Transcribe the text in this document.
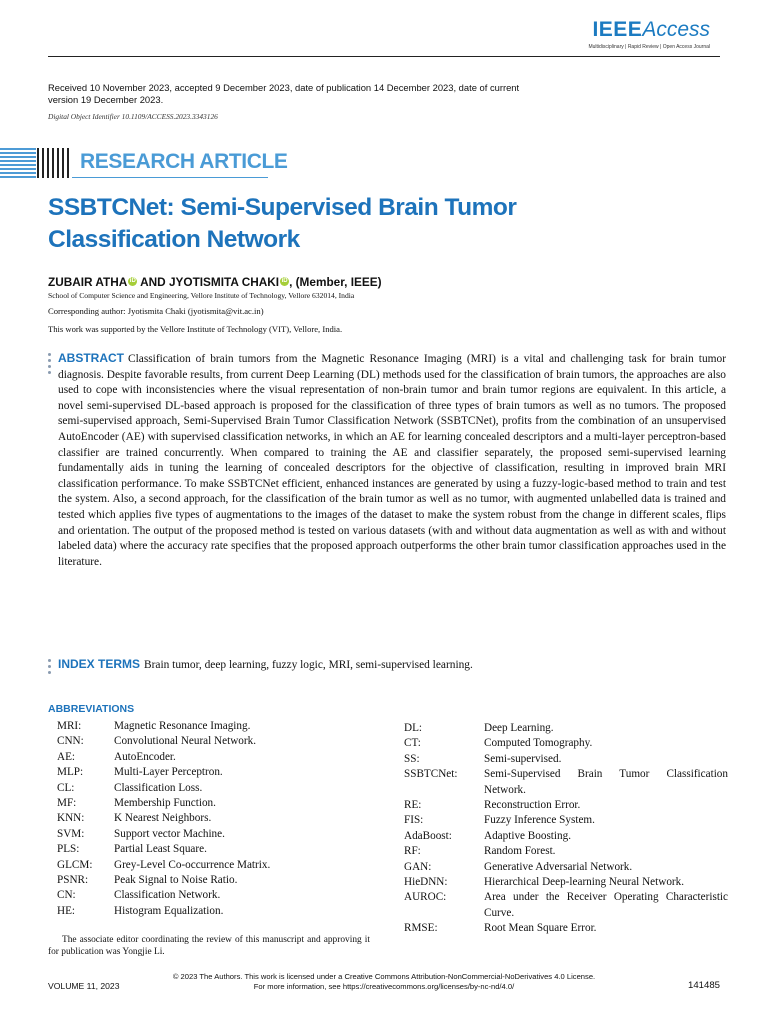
IEEEAccess
Multidisciplinary | Rapid Review | Open Access Journal
Received 10 November 2023, accepted 9 December 2023, date of publication 14 December 2023, date of current version 19 December 2023.
Digital Object Identifier 10.1109/ACCESS.2023.3343126
RESEARCH ARTICLE
SSBTCNet: Semi-Supervised Brain Tumor Classification Network
ZUBAIR ATHA iD AND JYOTISMITA CHAKI iD , (Member, IEEE)
School of Computer Science and Engineering, Vellore Institute of Technology, Vellore 632014, India
Corresponding author: Jyotismita Chaki (jyotismita@vit.ac.in)
This work was supported by the Vellore Institute of Technology (VIT), Vellore, India.

ABSTRACT Classification of brain tumors from the Magnetic Resonance Imaging (MRI) is a vital and challenging task for brain tumor diagnosis. Despite favorable results, from current Deep Learning (DL) methods used for the classification of brain tumors, the approaches are also used to cope with inconsistencies where the visual representation of non-brain tumor and brain tumor regions are equivalent. In this article, a novel semi-supervised DL-based approach is proposed for the classification of three types of brain tumors as well as no tumors. The proposed semi-supervised approach, Semi-Supervised Brain Tumor Classification Network (SSBTCNet), profits from the combination of an unsupervised AutoEncoder (AE) with supervised classification networks, in which an AE for learning concealed descriptors and a multi-layer perceptron-based classifier are trained concurrently. When compared to training the AE and classifier separately, the proposed semi-supervised learning fundamentally aids in tuning the learning of concealed descriptors for the objective of classification, resulting in improved brain MRI classification performance. To make SSBTCNet efficient, enhanced instances are generated by using a fuzzy-logic-based method to train and test the system. Also, a second approach, for the classification of the brain tumor as well as no tumor, with augmented unlabelled data is trained and tested which applies five types of augmentations to the images of the dataset to make the system robust from the change in different scales, flips and orientation. The output of the proposed method is tested on various datasets (with and without data augmentation as well as with and without labeled data) where the accuracy rate specifies that the proposed approach outperforms the other brain tumor classification approaches used in the literature.

INDEX TERMS Brain tumor, deep learning, fuzzy logic, MRI, semi-supervised learning.

ABBREVIATIONS
MRI:	Magnetic Resonance Imaging.
CNN:	Convolutional Neural Network.
AE:	AutoEncoder.
MLP:	Multi-Layer Perceptron.
CL:	Classification Loss.
MF:	Membership Function.
KNN:	K Nearest Neighbors.
SVM:	Support vector Machine.
PLS:	Partial Least Square.
GLCM:	Grey-Level Co-occurrence Matrix.
PSNR:	Peak Signal to Noise Ratio.
CN:	Classification Network.
HE:	Histogram Equalization.
DL:	Deep Learning.
CT:	Computed Tomography.
SS:	Semi-supervised.
SSBTCNet:	Semi-Supervised Brain Tumor Classification Network.
RE:	Reconstruction Error.
FIS:	Fuzzy Inference System.
AdaBoost:	Adaptive Boosting.
RF:	Random Forest.
GAN:	Generative Adversarial Network.
HieDNN:	Hierarchical Deep-learning Neural Network.
AUROC:	Area under the Receiver Operating Characteristic Curve.
RMSE:	Root Mean Square Error.

The associate editor coordinating the review of this manuscript and approving it for publication was Yongjie Li.

© 2023 The Authors. This work is licensed under a Creative Commons Attribution-NonCommercial-NoDerivatives 4.0 License.
For more information, see https://creativecommons.org/licenses/by-nc-nd/4.0/
VOLUME 11, 2023	141485
